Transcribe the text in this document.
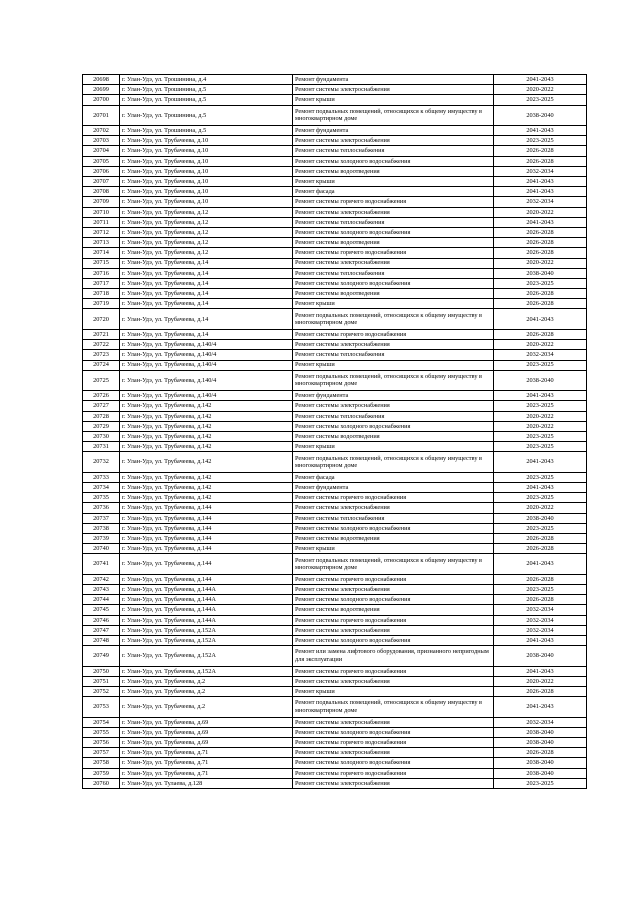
20698	г. Улан-Удэ, ул. Трошинина, д.4	Ремонт фундамента	2041-2043
20699	г. Улан-Удэ, ул. Трошинина, д.5	Ремонт системы электроснабжения	2020-2022
20700	г. Улан-Удэ, ул. Трошинина, д.5	Ремонт крыши	2023-2025
20701	г. Улан-Удэ, ул. Трошинина, д.5	Ремонт подвальных помещений, относящихся к общему имуществу в многоквартирном доме	2038-2040
20702	г. Улан-Удэ, ул. Трошинина, д.5	Ремонт фундамента	2041-2043
20703	г. Улан-Удэ, ул. Трубачеева, д.10	Ремонт системы электроснабжения	2023-2025
20704	г. Улан-Удэ, ул. Трубачеева, д.10	Ремонт системы теплоснабжения	2026-2028
20705	г. Улан-Удэ, ул. Трубачеева, д.10	Ремонт системы холодного водоснабжения	2026-2028
20706	г. Улан-Удэ, ул. Трубачеева, д.10	Ремонт системы водоотведения	2032-2034
20707	г. Улан-Удэ, ул. Трубачеева, д.10	Ремонт крыши	2041-2043
20708	г. Улан-Удэ, ул. Трубачеева, д.10	Ремонт фасада	2041-2043
20709	г. Улан-Удэ, ул. Трубачеева, д.10	Ремонт системы горячего водоснабжения	2032-2034
20710	г. Улан-Удэ, ул. Трубачеева, д.12	Ремонт системы электроснабжения	2020-2022
20711	г. Улан-Удэ, ул. Трубачеева, д.12	Ремонт системы теплоснабжения	2041-2043
20712	г. Улан-Удэ, ул. Трубачеева, д.12	Ремонт системы холодного водоснабжения	2026-2028
20713	г. Улан-Удэ, ул. Трубачеева, д.12	Ремонт системы водоотведения	2026-2028
20714	г. Улан-Удэ, ул. Трубачеева, д.12	Ремонт системы горячего водоснабжения	2026-2028
20715	г. Улан-Удэ, ул. Трубачеева, д.14	Ремонт системы электроснабжения	2020-2022
20716	г. Улан-Удэ, ул. Трубачеева, д.14	Ремонт системы теплоснабжения	2038-2040
20717	г. Улан-Удэ, ул. Трубачеева, д.14	Ремонт системы холодного водоснабжения	2023-2025
20718	г. Улан-Удэ, ул. Трубачеева, д.14	Ремонт системы водоотведения	2026-2028
20719	г. Улан-Удэ, ул. Трубачеева, д.14	Ремонт крыши	2026-2028
20720	г. Улан-Удэ, ул. Трубачеева, д.14	Ремонт подвальных помещений, относящихся к общему имуществу в многоквартирном доме	2041-2043
20721	г. Улан-Удэ, ул. Трубачеева, д.14	Ремонт системы горячего водоснабжения	2026-2028
20722	г. Улан-Удэ, ул. Трубачеева, д.140/4	Ремонт системы электроснабжения	2020-2022
20723	г. Улан-Удэ, ул. Трубачеева, д.140/4	Ремонт системы теплоснабжения	2032-2034
20724	г. Улан-Удэ, ул. Трубачеева, д.140/4	Ремонт крыши	2023-2025
20725	г. Улан-Удэ, ул. Трубачеева, д.140/4	Ремонт подвальных помещений, относящихся к общему имуществу в многоквартирном доме	2038-2040
20726	г. Улан-Удэ, ул. Трубачеева, д.140/4	Ремонт фундамента	2041-2043
20727	г. Улан-Удэ, ул. Трубачеева, д.142	Ремонт системы электроснабжения	2023-2025
20728	г. Улан-Удэ, ул. Трубачеева, д.142	Ремонт системы теплоснабжения	2020-2022
20729	г. Улан-Удэ, ул. Трубачеева, д.142	Ремонт системы холодного водоснабжения	2020-2022
20730	г. Улан-Удэ, ул. Трубачеева, д.142	Ремонт системы водоотведения	2023-2025
20731	г. Улан-Удэ, ул. Трубачеева, д.142	Ремонт крыши	2023-2025
20732	г. Улан-Удэ, ул. Трубачеева, д.142	Ремонт подвальных помещений, относящихся к общему имуществу в многоквартирном доме	2041-2043
20733	г. Улан-Удэ, ул. Трубачеева, д.142	Ремонт фасада	2023-2025
20734	г. Улан-Удэ, ул. Трубачеева, д.142	Ремонт фундамента	2041-2043
20735	г. Улан-Удэ, ул. Трубачеева, д.142	Ремонт системы горячего водоснабжения	2023-2025
20736	г. Улан-Удэ, ул. Трубачеева, д.144	Ремонт системы электроснабжения	2020-2022
20737	г. Улан-Удэ, ул. Трубачеева, д.144	Ремонт системы теплоснабжения	2038-2040
20738	г. Улан-Удэ, ул. Трубачеева, д.144	Ремонт системы холодного водоснабжения	2023-2025
20739	г. Улан-Удэ, ул. Трубачеева, д.144	Ремонт системы водоотведения	2026-2028
20740	г. Улан-Удэ, ул. Трубачеева, д.144	Ремонт крыши	2026-2028
20741	г. Улан-Удэ, ул. Трубачеева, д.144	Ремонт подвальных помещений, относящихся к общему имуществу в многоквартирном доме	2041-2043
20742	г. Улан-Удэ, ул. Трубачеева, д.144	Ремонт системы горячего водоснабжения	2026-2028
20743	г. Улан-Удэ, ул. Трубачеева, д.144А	Ремонт системы электроснабжения	2023-2025
20744	г. Улан-Удэ, ул. Трубачеева, д.144А	Ремонт системы холодного водоснабжения	2026-2028
20745	г. Улан-Удэ, ул. Трубачеева, д.144А	Ремонт системы водоотведения	2032-2034
20746	г. Улан-Удэ, ул. Трубачеева, д.144А	Ремонт системы горячего водоснабжения	2032-2034
20747	г. Улан-Удэ, ул. Трубачеева, д.152А	Ремонт системы электроснабжения	2032-2034
20748	г. Улан-Удэ, ул. Трубачеева, д.152А	Ремонт системы холодного водоснабжения	2041-2043
20749	г. Улан-Удэ, ул. Трубачеева, д.152А	Ремонт или замена лифтового оборудования, признанного непригодным для эксплуатации	2038-2040
20750	г. Улан-Удэ, ул. Трубачеева, д.152А	Ремонт системы горячего водоснабжения	2041-2043
20751	г. Улан-Удэ, ул. Трубачеева, д.2	Ремонт системы электроснабжения	2020-2022
20752	г. Улан-Удэ, ул. Трубачеева, д.2	Ремонт крыши	2026-2028
20753	г. Улан-Удэ, ул. Трубачеева, д.2	Ремонт подвальных помещений, относящихся к общему имуществу в многоквартирном доме	2041-2043
20754	г. Улан-Удэ, ул. Трубачеева, д.69	Ремонт системы электроснабжения	2032-2034
20755	г. Улан-Удэ, ул. Трубачеева, д.69	Ремонт системы холодного водоснабжения	2038-2040
20756	г. Улан-Удэ, ул. Трубачеева, д.69	Ремонт системы горячего водоснабжения	2038-2040
20757	г. Улан-Удэ, ул. Трубачеева, д.71	Ремонт системы электроснабжения	2026-2028
20758	г. Улан-Удэ, ул. Трубачеева, д.71	Ремонт системы холодного водоснабжения	2038-2040
20759	г. Улан-Удэ, ул. Трубачеева, д.71	Ремонт системы горячего водоснабжения	2038-2040
20760	г. Улан-Удэ, ул. Тулаева, д.128	Ремонт системы электроснабжения	2023-2025
